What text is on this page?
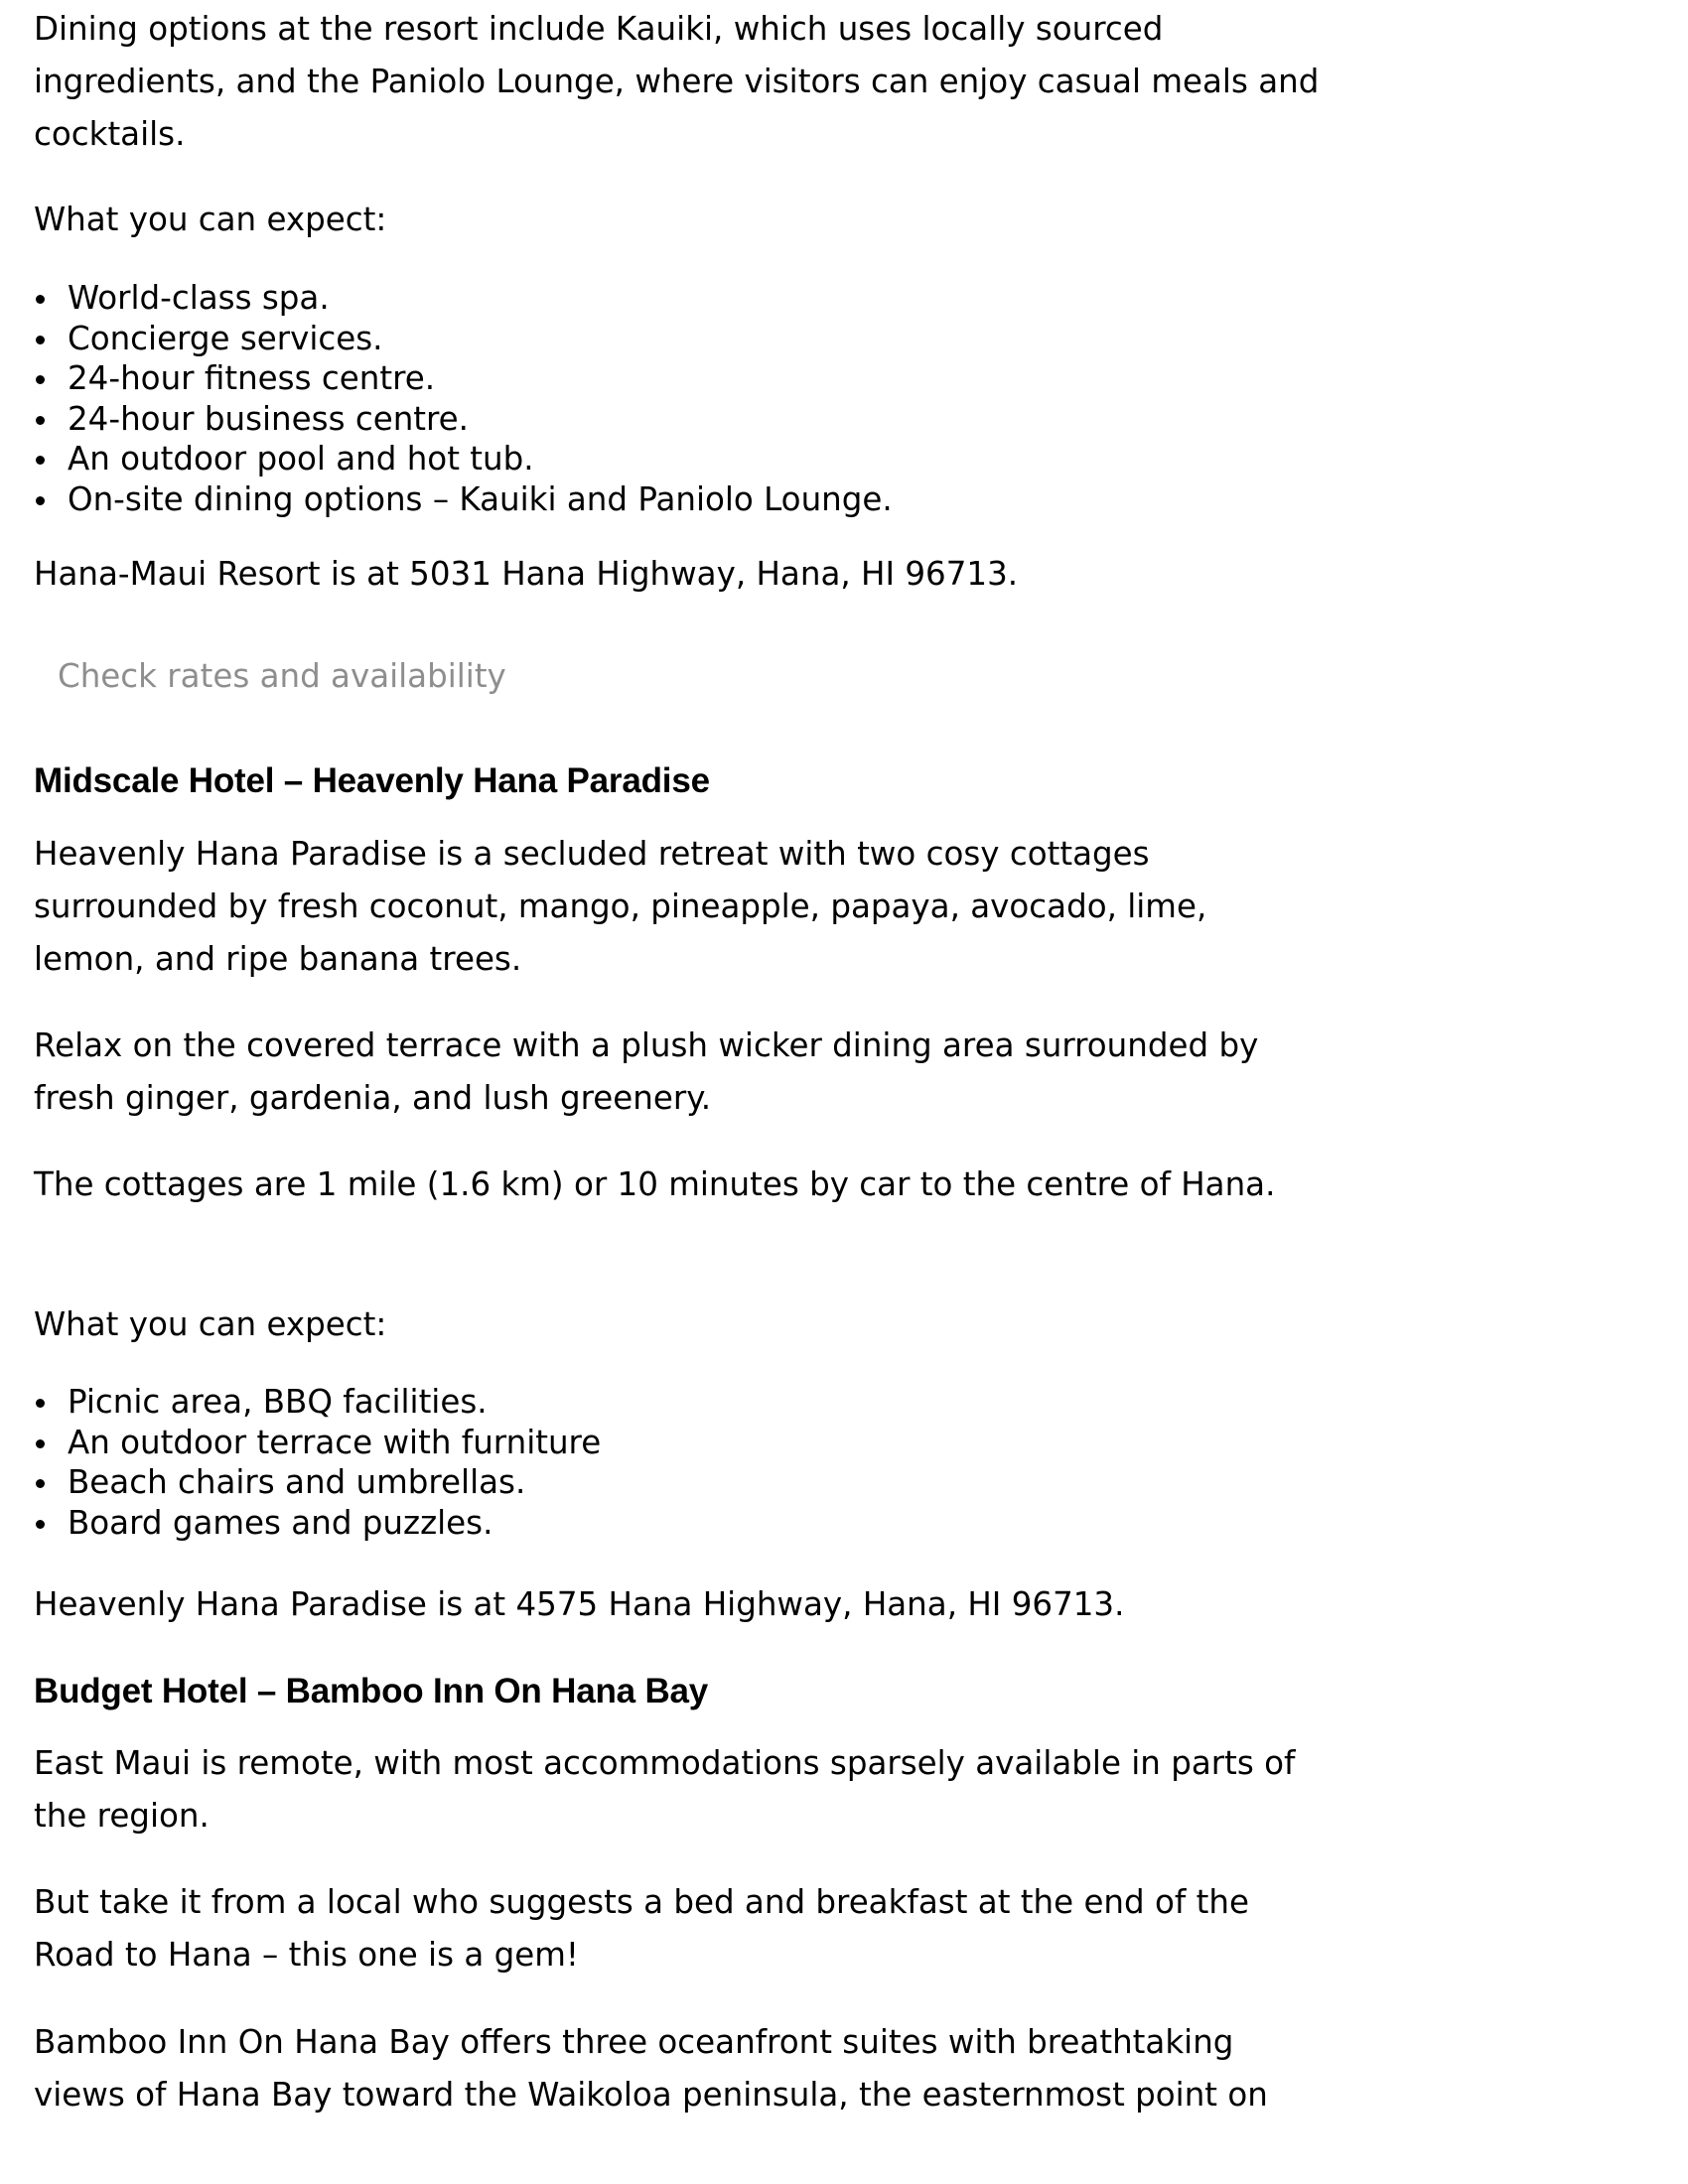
Dining options at the resort include Kauiki, which uses locally sourced ingredients, and the Paniolo Lounge, where visitors can enjoy casual meals and cocktails.

What you can expect:

World-class spa.
Concierge services.
24-hour fitness centre.
24-hour business centre.
An outdoor pool and hot tub.
On-site dining options – Kauiki and Paniolo Lounge.

Hana-Maui Resort is at 5031 Hana Highway, Hana, HI 96713.

Check rates and availability
Midscale Hotel – Heavenly Hana Paradise

Heavenly Hana Paradise is a secluded retreat with two cosy cottages surrounded by fresh coconut, mango, pineapple, papaya, avocado, lime, lemon, and ripe banana trees.

Relax on the covered terrace with a plush wicker dining area surrounded by fresh ginger, gardenia, and lush greenery.

The cottages are 1 mile (1.6 km) or 10 minutes by car to the centre of Hana.

What you can expect:

Picnic area, BBQ facilities.
An outdoor terrace with furniture
Beach chairs and umbrellas.
Board games and puzzles.

Heavenly Hana Paradise is at 4575 Hana Highway, Hana, HI 96713.

Budget Hotel – Bamboo Inn On Hana Bay

East Maui is remote, with most accommodations sparsely available in parts of the region.

But take it from a local who suggests a bed and breakfast at the end of the Road to Hana – this one is a gem!

Bamboo Inn On Hana Bay offers three oceanfront suites with breathtaking views of Hana Bay toward the Waikoloa peninsula, the easternmost point on
